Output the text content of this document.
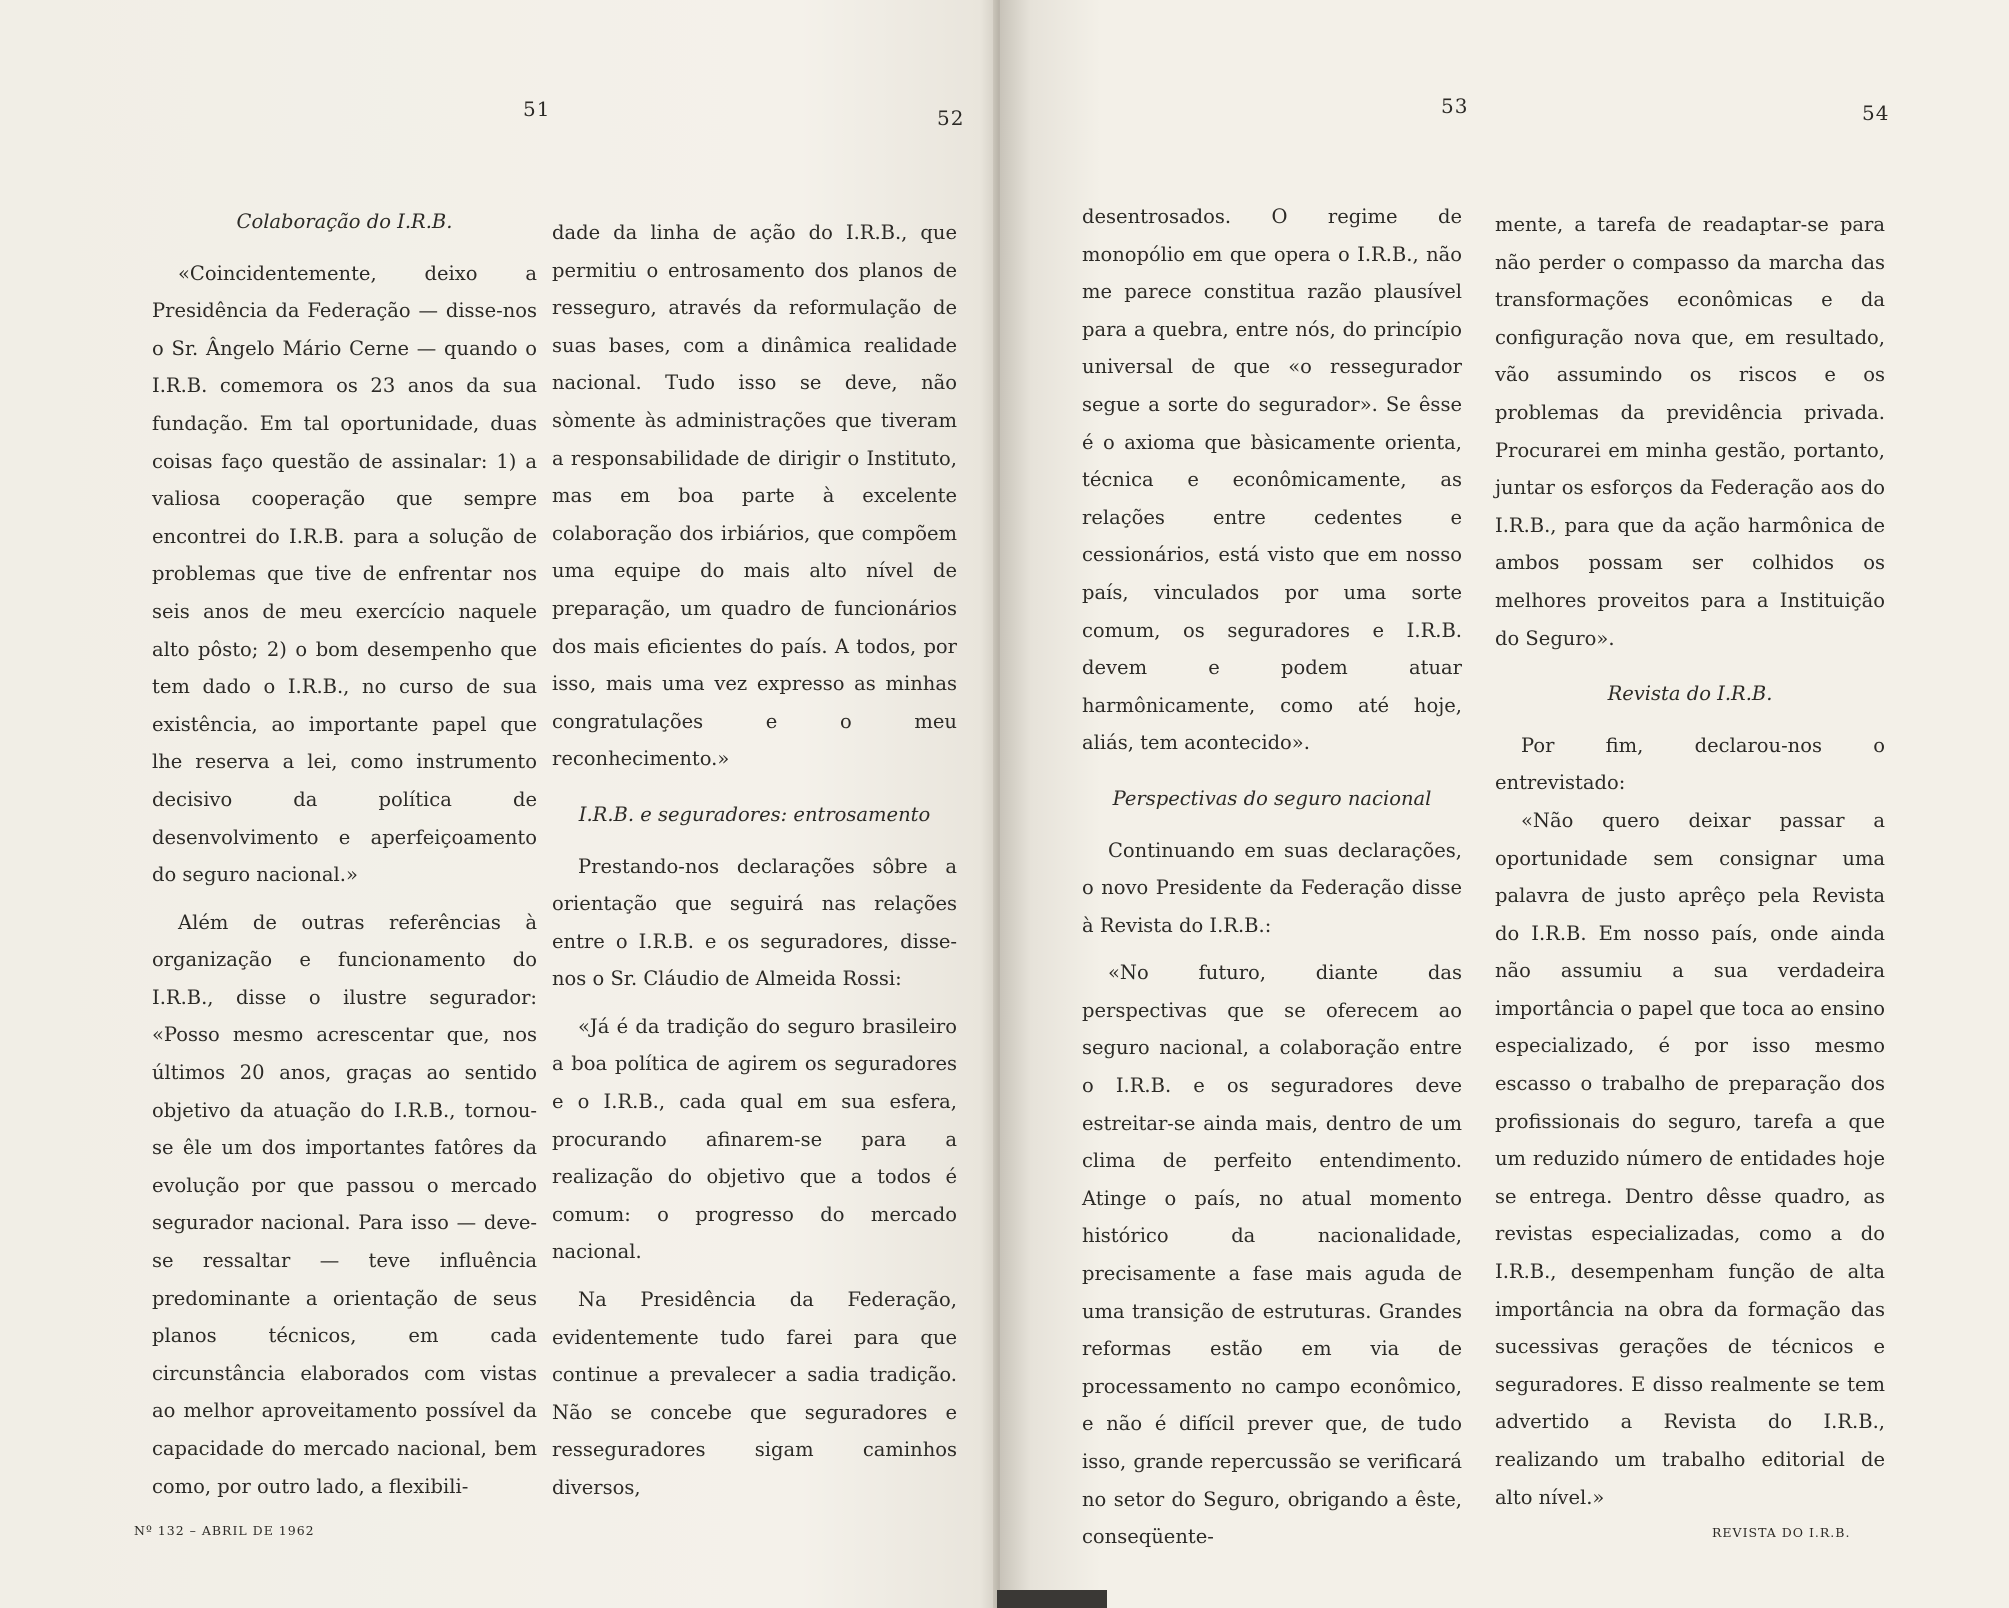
51	52

Colaboração do I.R.B.

«Coincidentemente, deixo a Presidência da Federação — disse-nos o Sr. Ângelo Mário Cerne — quando o I.R.B. comemora os 23 anos da sua fundação. Em tal oportunidade, duas coisas faço questão de assinalar: 1) a valiosa cooperação que sempre encontrei do I.R.B. para a solução de problemas que tive de enfrentar nos seis anos de meu exercício naquele alto pôsto; 2) o bom desempenho que tem dado o I.R.B., no curso de sua existência, ao importante papel que lhe reserva a lei, como instrumento decisivo da política de desenvolvimento e aperfeiçoamento do seguro nacional.»

Além de outras referências à organização e funcionamento do I.R.B., disse o ilustre segurador: «Posso mesmo acrescentar que, nos últimos 20 anos, graças ao sentido objetivo da atuação do I.R.B., tornou-se êle um dos importantes fatôres da evolução por que passou o mercado segurador nacional. Para isso — deve-se ressaltar — teve influência predominante a orientação de seus planos técnicos, em cada circunstância elaborados com vistas ao melhor aproveitamento possível da capacidade do mercado nacional, bem como, por outro lado, a flexibili-

dade da linha de ação do I.R.B., que permitiu o entrosamento dos planos de resseguro, através da reformulação de suas bases, com a dinâmica realidade nacional. Tudo isso se deve, não sòmente às administrações que tiveram a responsabilidade de dirigir o Instituto, mas em boa parte à excelente colaboração dos irbiários, que compõem uma equipe do mais alto nível de preparação, um quadro de funcionários dos mais eficientes do país. A todos, por isso, mais uma vez expresso as minhas congratulações e o meu reconhecimento.»

I.R.B. e seguradores: entrosamento

Prestando-nos declarações sôbre a orientação que seguirá nas relações entre o I.R.B. e os seguradores, disse-nos o Sr. Cláudio de Almeida Rossi:

«Já é da tradição do seguro brasileiro a boa política de agirem os seguradores e o I.R.B., cada qual em sua esfera, procurando afinarem-se para a realização do objetivo que a todos é comum: o progresso do mercado nacional.

Na Presidência da Federação, evidentemente tudo farei para que continue a prevalecer a sadia tradição. Não se concebe que seguradores e resseguradores sigam caminhos diversos,

Nº 132 – ABRIL DE 1962
53	54

desentrosados. O regime de monopólio em que opera o I.R.B., não me parece constitua razão plausível para a quebra, entre nós, do princípio universal de que «o ressegurador segue a sorte do segurador». Se êsse é o axioma que bàsicamente orienta, técnica e econômicamente, as relações entre cedentes e cessionários, está visto que em nosso país, vinculados por uma sorte comum, os seguradores e I.R.B. devem e podem atuar harmônicamente, como até hoje, aliás, tem acontecido».

Perspectivas do seguro nacional

Continuando em suas declarações, o novo Presidente da Federação disse à Revista do I.R.B.:

«No futuro, diante das perspectivas que se oferecem ao seguro nacional, a colaboração entre o I.R.B. e os seguradores deve estreitar-se ainda mais, dentro de um clima de perfeito entendimento. Atinge o país, no atual momento histórico da nacionalidade, precisamente a fase mais aguda de uma transição de estruturas. Grandes reformas estão em via de processamento no campo econômico, e não é difícil prever que, de tudo isso, grande repercussão se verificará no setor do Seguro, obrigando a êste, conseqüente-

mente, a tarefa de readaptar-se para não perder o compasso da marcha das transformações econômicas e da configuração nova que, em resultado, vão assumindo os riscos e os problemas da previdência privada. Procurarei em minha gestão, portanto, juntar os esforços da Federação aos do I.R.B., para que da ação harmônica de ambos possam ser colhidos os melhores proveitos para a Instituição do Seguro».

Revista do I.R.B.

Por fim, declarou-nos o entrevistado:

«Não quero deixar passar a oportunidade sem consignar uma palavra de justo aprêço pela Revista do I.R.B. Em nosso país, onde ainda não assumiu a sua verdadeira importância o papel que toca ao ensino especializado, é por isso mesmo escasso o trabalho de preparação dos profissionais do seguro, tarefa a que um reduzido número de entidades hoje se entrega. Dentro dêsse quadro, as revistas especializadas, como a do I.R.B., desempenham função de alta importância na obra da formação das sucessivas gerações de técnicos e seguradores. E disso realmente se tem advertido a Revista do I.R.B., realizando um trabalho editorial de alto nível.»

REVISTA DO I.R.B.
